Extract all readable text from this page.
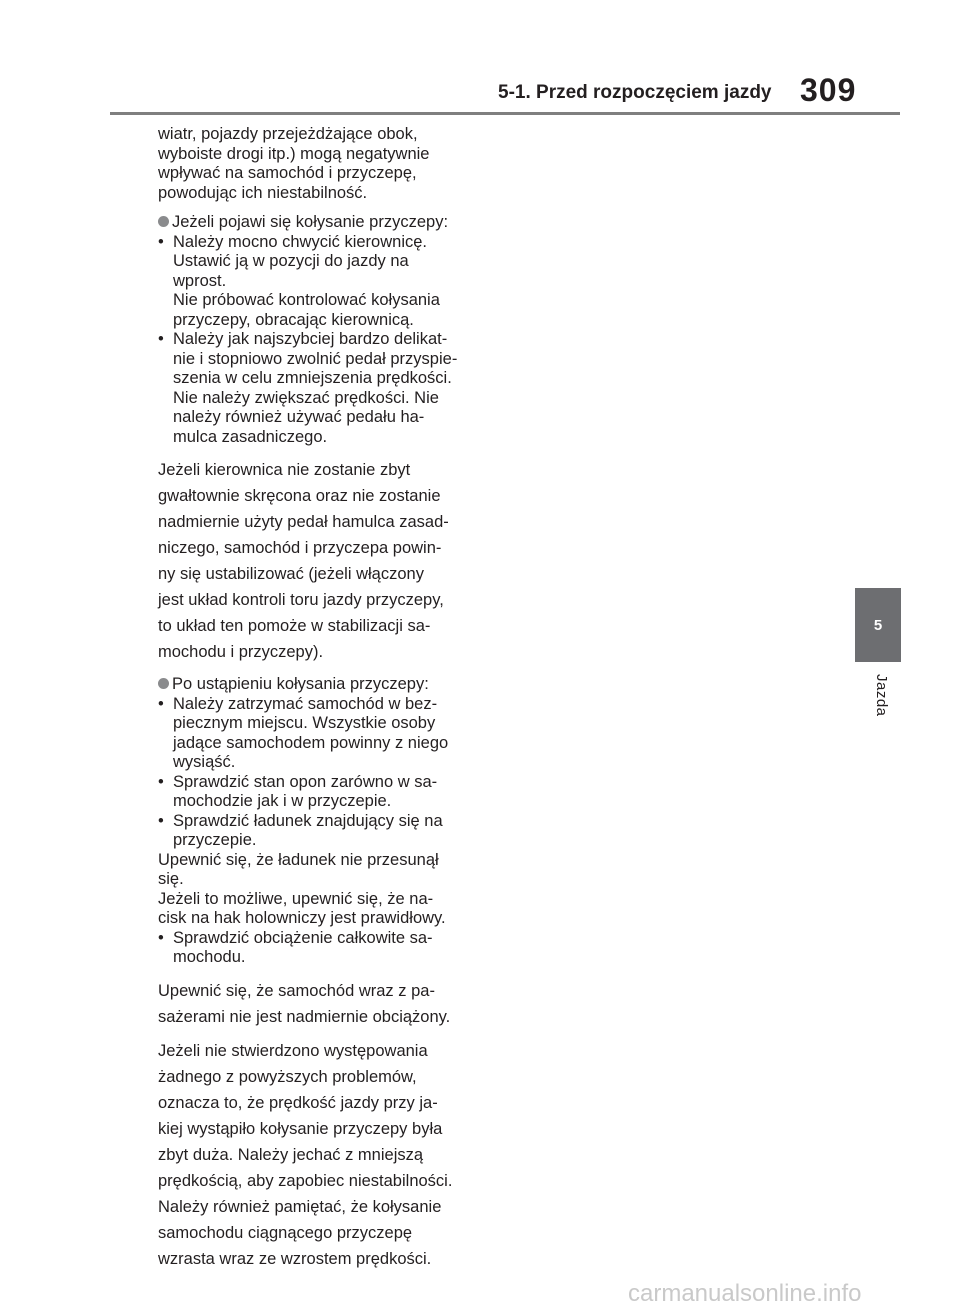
5-1. Przed rozpoczęciem jazdy 309
5
Jazda

wiatr, pojazdy przejeżdżające obok,

wyboiste drogi itp.) mogą negatywnie

wpływać na samochód i przyczepę,

powodując ich niestabilność.

Jeżeli pojawi się kołysanie przyczepy:

• Należy mocno chwycić kierownicę.

Ustawić ją w pozycji do jazdy na

wprost.

Nie próbować kontrolować kołysania

przyczepy, obracając kierownicą.

• Należy jak najszybciej bardzo delikat-

nie i stopniowo zwolnić pedał przyspie-

szenia w celu zmniejszenia prędkości.

Nie należy zwiększać prędkości. Nie

należy również używać pedału ha-

mulca zasadniczego.

Jeżeli kierownica nie zostanie zbyt

gwałtownie skręcona oraz nie zostanie

nadmiernie użyty pedał hamulca zasad-

niczego, samochód i przyczepa powin-

ny się ustabilizować (jeżeli włączony

jest układ kontroli toru jazdy przyczepy,

to układ ten pomoże w stabilizacji sa-

mochodu i przyczepy).

Po ustąpieniu kołysania przyczepy:

• Należy zatrzymać samochód w bez-

piecznym miejscu. Wszystkie osoby

jadące samochodem powinny z niego

wysiąść.

• Sprawdzić stan opon zarówno w sa-

mochodzie jak i w przyczepie.

• Sprawdzić ładunek znajdujący się na

przyczepie.

Upewnić się, że ładunek nie przesunął

się.

Jeżeli to możliwe, upewnić się, że na-

cisk na hak holowniczy jest prawidłowy.

• Sprawdzić obciążenie całkowite sa-

mochodu.

Upewnić się, że samochód wraz z pa-

sażerami nie jest nadmiernie obciążony.

Jeżeli nie stwierdzono występowania

żadnego z powyższych problemów,

oznacza to, że prędkość jazdy przy ja-

kiej wystąpiło kołysanie przyczepy była

zbyt duża. Należy jechać z mniejszą

prędkością, aby zapobiec niestabilności.

Należy również pamiętać, że kołysanie

samochodu ciągnącego przyczepę

wzrasta wraz ze wzrostem prędkości.

carmanualsonline.info
